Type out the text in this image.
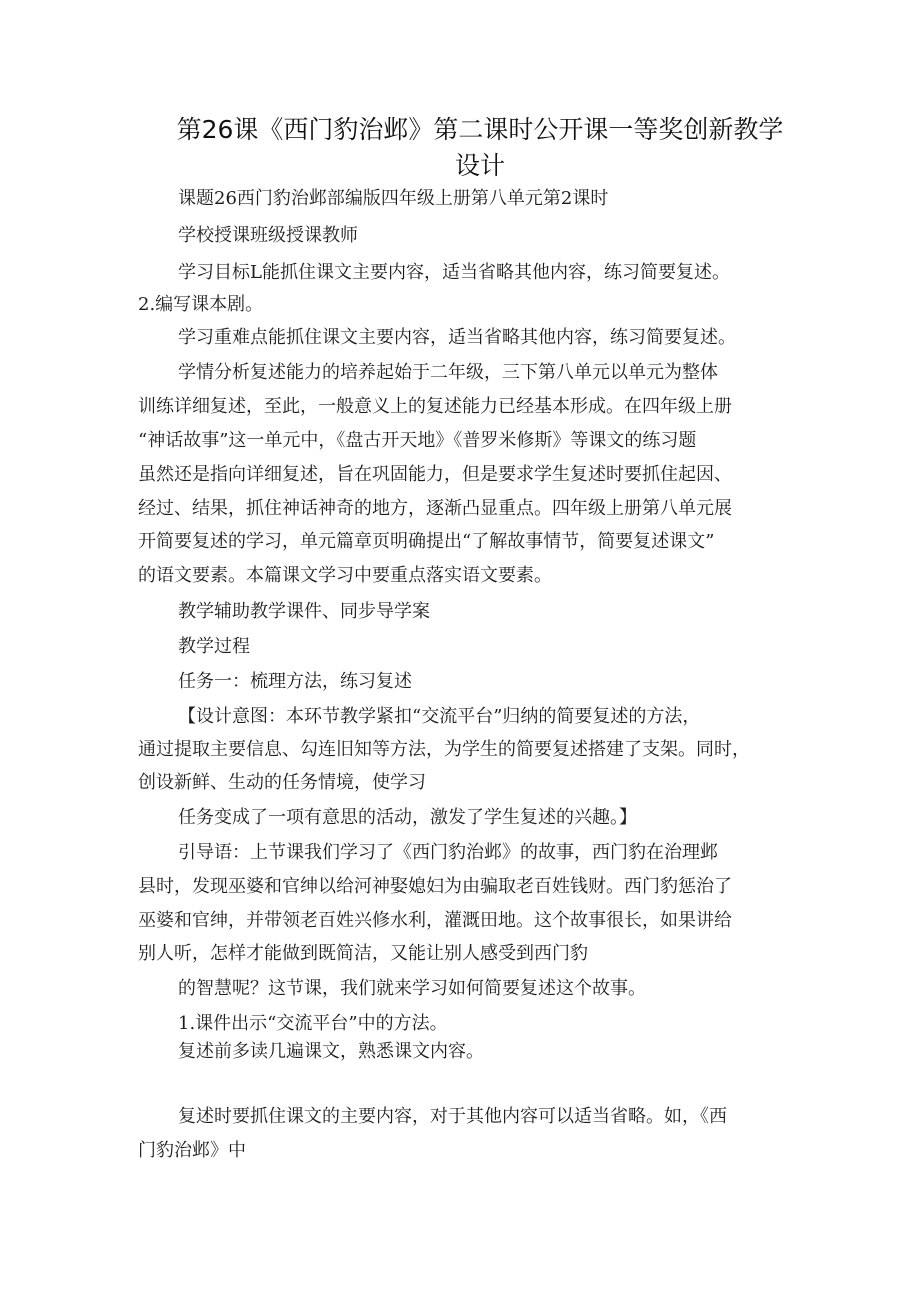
第26课《西门豹治邺》第二课时公开课一等奖创新教学
设计
课题26西门豹治邺部编版四年级上册第八单元第2课时
学校授课班级授课教师
学习目标L能抓住课文主要内容，适当省略其他内容，练习简要复述。
2.编写课本剧。
学习重难点能抓住课文主要内容，适当省略其他内容，练习简要复述。
学情分析复述能力的培养起始于二年级，三下第八单元以单元为整体
训练详细复述，至此，一般意义上的复述能力已经基本形成。在四年级上册
“神话故事”这一单元中，《盘古开天地》《普罗米修斯》等课文的练习题
虽然还是指向详细复述，旨在巩固能力，但是要求学生复述时要抓住起因、
经过、结果，抓住神话神奇的地方，逐渐凸显重点。四年级上册第八单元展
开简要复述的学习，单元篇章页明确提出“了解故事情节，简要复述课文”
的语文要素。本篇课文学习中要重点落实语文要素。
教学辅助教学课件、同步导学案
教学过程
任务一：梳理方法，练习复述
【设计意图：本环节教学紧扣“交流平台”归纳的简要复述的方法，
通过提取主要信息、勾连旧知等方法，为学生的简要复述搭建了支架。同时，
创设新鲜、生动的任务情境，使学习
任务变成了一项有意思的活动，激发了学生复述的兴趣。】
引导语：上节课我们学习了《西门豹治邺》的故事，西门豹在治理邺
县时，发现巫婆和官绅以给河神娶媳妇为由骗取老百姓钱财。西门豹惩治了
巫婆和官绅，并带领老百姓兴修水利，灌溉田地。这个故事很长，如果讲给
别人听，怎样才能做到既简洁，又能让别人感受到西门豹
的智慧呢？这节课，我们就来学习如何简要复述这个故事。
1.课件出示“交流平台”中的方法。
复述前多读几遍课文，熟悉课文内容。
复述时要抓住课文的主要内容，对于其他内容可以适当省略。如，《西
门豹治邺》中
